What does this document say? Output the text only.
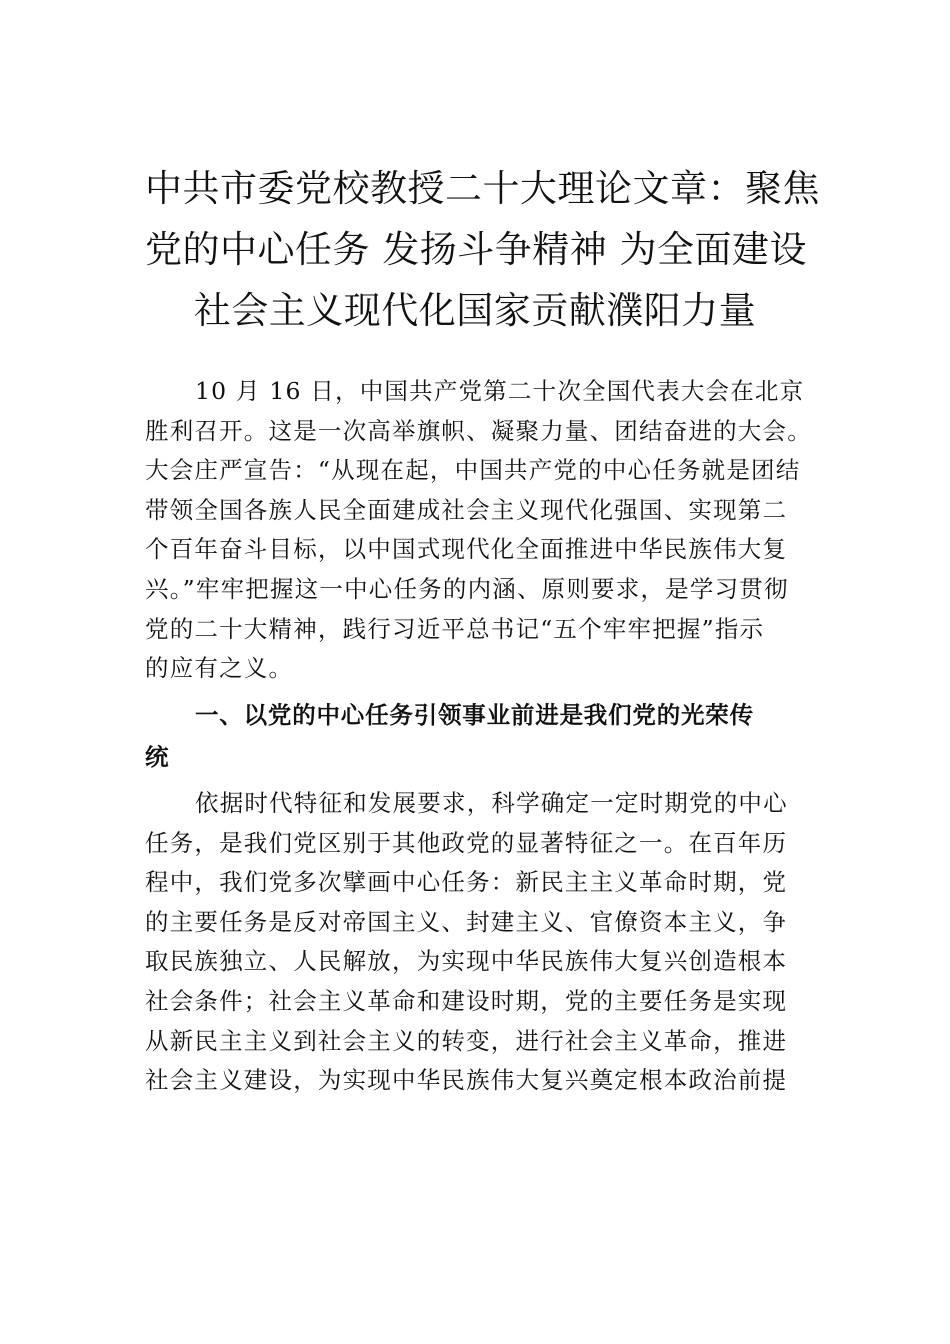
中共市委党校教授二十大理论文章：聚焦
党的中心任务 发扬斗争精神 为全面建设
社会主义现代化国家贡献濮阳力量
10 月 16 日，中国共产党第二十次全国代表大会在北京
胜利召开。这是一次高举旗帜、凝聚力量、团结奋进的大会。
大会庄严宣告：“从现在起，中国共产党的中心任务就是团结
带领全国各族人民全面建成社会主义现代化强国、实现第二
个百年奋斗目标，以中国式现代化全面推进中华民族伟大复
兴。”牢牢把握这一中心任务的内涵、原则要求，是学习贯彻
党的二十大精神，践行习近平总书记“五个牢牢把握”指示
的应有之义。
一、以党的中心任务引领事业前进是我们党的光荣传
统
依据时代特征和发展要求，科学确定一定时期党的中心
任务，是我们党区别于其他政党的显著特征之一。在百年历
程中，我们党多次擘画中心任务：新民主主义革命时期，党
的主要任务是反对帝国主义、封建主义、官僚资本主义，争
取民族独立、人民解放，为实现中华民族伟大复兴创造根本
社会条件；社会主义革命和建设时期，党的主要任务是实现
从新民主主义到社会主义的转变，进行社会主义革命，推进
社会主义建设，为实现中华民族伟大复兴奠定根本政治前提
